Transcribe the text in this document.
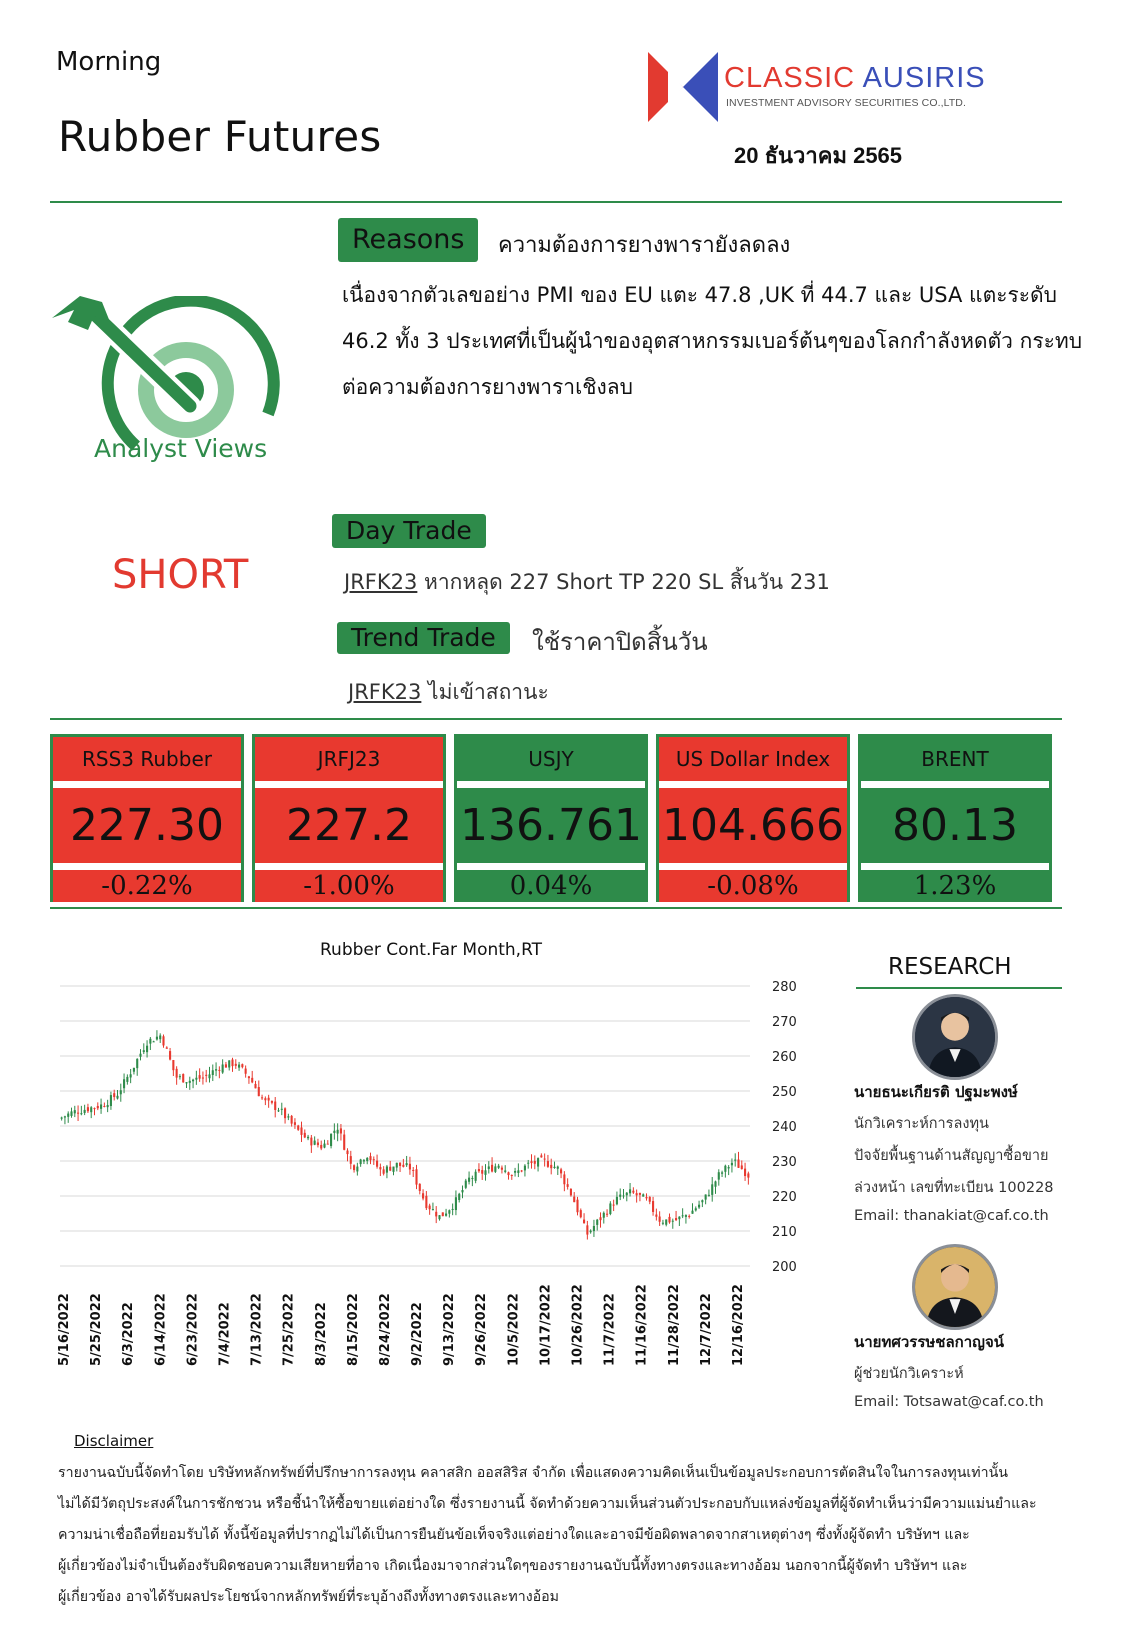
Morning
Rubber Futures
CLASSIC AUSIRIS
INVESTMENT ADVISORY SECURITIES CO.,LTD.
20 ธันวาคม 2565
Analyst Views
Reasons	ความต้องการยางพารายังลดลง
เนื่องจากตัวเลขอย่าง PMI ของ EU แตะ 47.8 ,UK ที่ 44.7 และ USA แตะระดับ 46.2 ทั้ง 3 ประเทศที่เป็นผู้นำของอุตสาหกรรมเบอร์ต้นๆของโลกกำลังหดตัว กระทบต่อความต้องการยางพาราเชิงลบ
SHORT
Day Trade
JRFK23 หากหลุด 227 Short TP 220 SL สิ้นวัน 231
Trend Trade	ใช้ราคาปิดสิ้นวัน
JRFK23 ไม่เข้าสถานะ
RSS3 Rubber
227.30
-0.22%
JRFJ23
227.2
-1.00%
USJY
136.761
0.04%
US Dollar Index
104.666
-0.08%
BRENT
80.13
1.23%
Rubber Cont.Far Month,RT
280
270
260
250
240
230
220
210
200
5/16/2022 5/25/2022 6/3/2022 6/14/2022 6/23/2022 7/4/2022 7/13/2022 7/25/2022 8/3/2022 8/15/2022 8/24/2022 9/2/2022 9/13/2022 9/26/2022 10/5/2022 10/17/2022 10/26/2022 11/7/2022 11/16/2022 11/28/2022 12/7/2022 12/16/2022
RESEARCH
นายธนะเกียรติ ปฐมะพงษ์
นักวิเคราะห์การลงทุน
ปัจจัยพื้นฐานด้านสัญญาซื้อขาย
ล่วงหน้า เลขที่ทะเบียน 100228
Email: thanakiat@caf.co.th
นายทศวรรษชลกาญจน์
ผู้ช่วยนักวิเคราะห์
Email: Totsawat@caf.co.th
Disclaimer
รายงานฉบับนี้จัดทำโดย บริษัทหลักทรัพย์ที่ปรึกษาการลงทุน คลาสสิก ออสสิริส จำกัด เพื่อแสดงความคิดเห็นเป็นข้อมูลประกอบการตัดสินใจในการลงทุนเท่านั้น
ไม่ได้มีวัตถุประสงค์ในการชักชวน หรือชี้นำให้ซื้อขายแต่อย่างใด ซึ่งรายงานนี้ จัดทำด้วยความเห็นส่วนตัวประกอบกับแหล่งข้อมูลที่ผู้จัดทำเห็นว่ามีความแม่นยำและ
ความน่าเชื่อถือที่ยอมรับได้ ทั้งนี้ข้อมูลที่ปรากฏไม่ได้เป็นการยืนยันข้อเท็จจริงแต่อย่างใดและอาจมีข้อผิดพลาดจากสาเหตุต่างๆ ซึ่งทั้งผู้จัดทำ บริษัทฯ และ
ผู้เกี่ยวข้องไม่จำเป็นต้องรับผิดชอบความเสียหายที่อาจ เกิดเนื่องมาจากส่วนใดๆของรายงานฉบับนี้ทั้งทางตรงและทางอ้อม นอกจากนี้ผู้จัดทำ บริษัทฯ และ
ผู้เกี่ยวข้อง อาจได้รับผลประโยชน์จากหลักทรัพย์ที่ระบุอ้างถึงทั้งทางตรงและทางอ้อม
